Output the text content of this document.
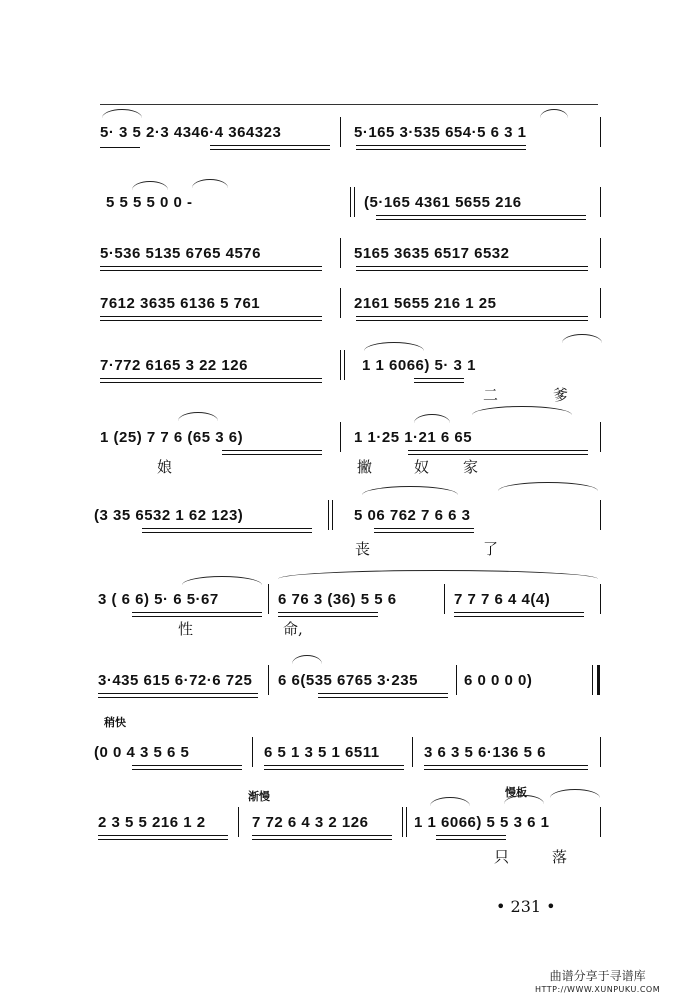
5· 3 5 2·3 4346·4 364323	5·165 3·535 654·5 6 3 1
5 5 5 5 0 0 -	(5·165 4361 5655 216
5·536 5135 6765 4576	5165 3635 6517 6532
7612 3635 6136 5 761	2161 5655 216 1 25
7·772 6165 3 22 126	1 1 6066) 5· 3 1
二	爹
1 (25) 7 7 6 (65 3 6)	1 1·25 1·21 6 65
娘	撇	奴 家
(3 35 6532 1 62 123)	5 06 762 7 6 6 3
丧	了
3 ( 6 6) 5· 6 5·67	6 76 3 (36) 5 5 6	7 7 7 6 4 4(4)
性	命,
3·435 615 6·72·6 725 6 6(535 6765 3·235	6 0 0 0 0)
稍快
(0 0 4 3 5 6 5	6 5 1 3 5 1 6511	3 6 3 5 6·136 5 6
渐慢	慢板
2 3 5 5 216 1 2	7 72 6 4 3 2 126	1 1 6066) 5 5 3 6 1
只	落
• 231 •
曲谱分享于寻谱库
HTTP://WWW.XUNPUKU.COM
